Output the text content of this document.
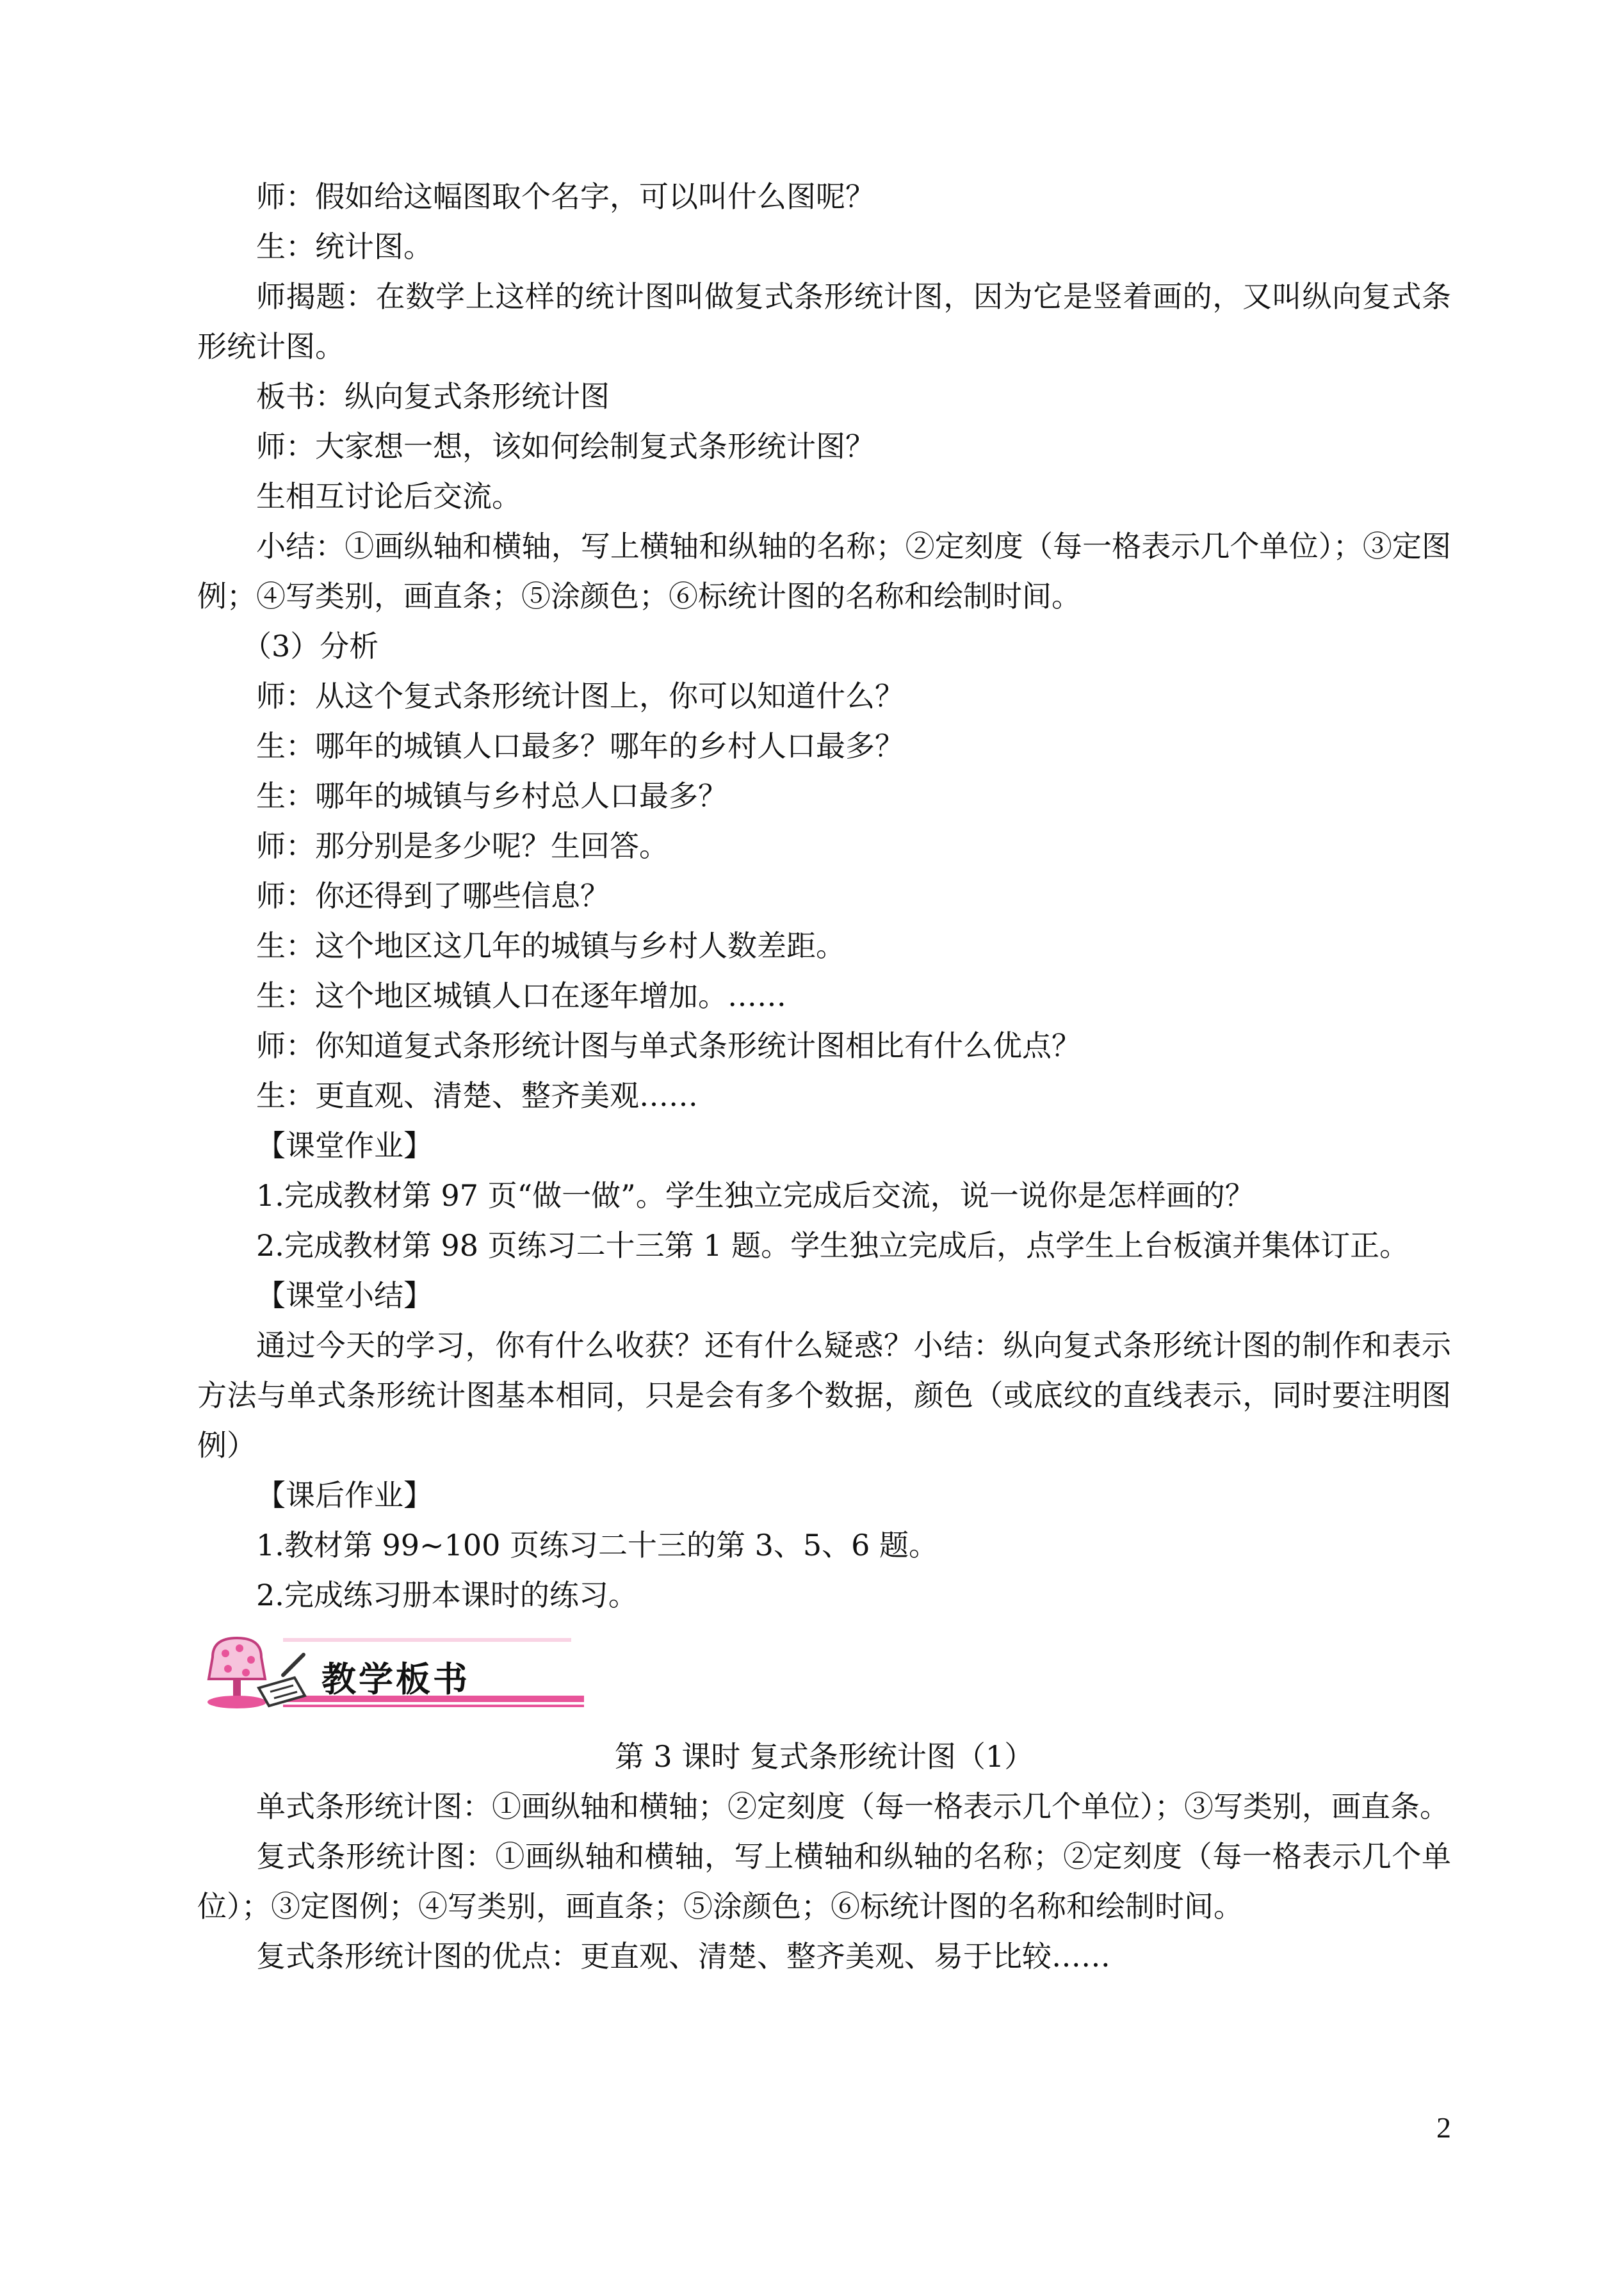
师：假如给这幅图取个名字，可以叫什么图呢？

生：统计图。

师揭题：在数学上这样的统计图叫做复式条形统计图，因为它是竖着画的，又叫纵向复式条形统计图。

板书：纵向复式条形统计图

师：大家想一想，该如何绘制复式条形统计图？

生相互讨论后交流。

小结：①画纵轴和横轴，写上横轴和纵轴的名称；②定刻度（每一格表示几个单位）；③定图例；④写类别，画直条；⑤涂颜色；⑥标统计图的名称和绘制时间。

（3）分析

师：从这个复式条形统计图上，你可以知道什么？

生：哪年的城镇人口最多？哪年的乡村人口最多？

生：哪年的城镇与乡村总人口最多？

师：那分别是多少呢？生回答。

师：你还得到了哪些信息？

生：这个地区这几年的城镇与乡村人数差距。

生：这个地区城镇人口在逐年增加。……

师：你知道复式条形统计图与单式条形统计图相比有什么优点？

生：更直观、清楚、整齐美观……

【课堂作业】

1.完成教材第 97 页“做一做”。学生独立完成后交流，说一说你是怎样画的？

2.完成教材第 98 页练习二十三第 1 题。学生独立完成后，点学生上台板演并集体订正。

【课堂小结】

通过今天的学习，你有什么收获？还有什么疑惑？小结：纵向复式条形统计图的制作和表示方法与单式条形统计图基本相同，只是会有多个数据，颜色（或底纹的直线表示，同时要注明图例）

【课后作业】

1.教材第 99~100 页练习二十三的第 3、5、6 题。

2.完成练习册本课时的练习。

教学板书

第 3 课时 复式条形统计图（1）

单式条形统计图：①画纵轴和横轴；②定刻度（每一格表示几个单位）；③写类别，画直条。

复式条形统计图：①画纵轴和横轴，写上横轴和纵轴的名称；②定刻度（每一格表示几个单位）；③定图例；④写类别，画直条；⑤涂颜色；⑥标统计图的名称和绘制时间。

复式条形统计图的优点：更直观、清楚、整齐美观、易于比较……

2
